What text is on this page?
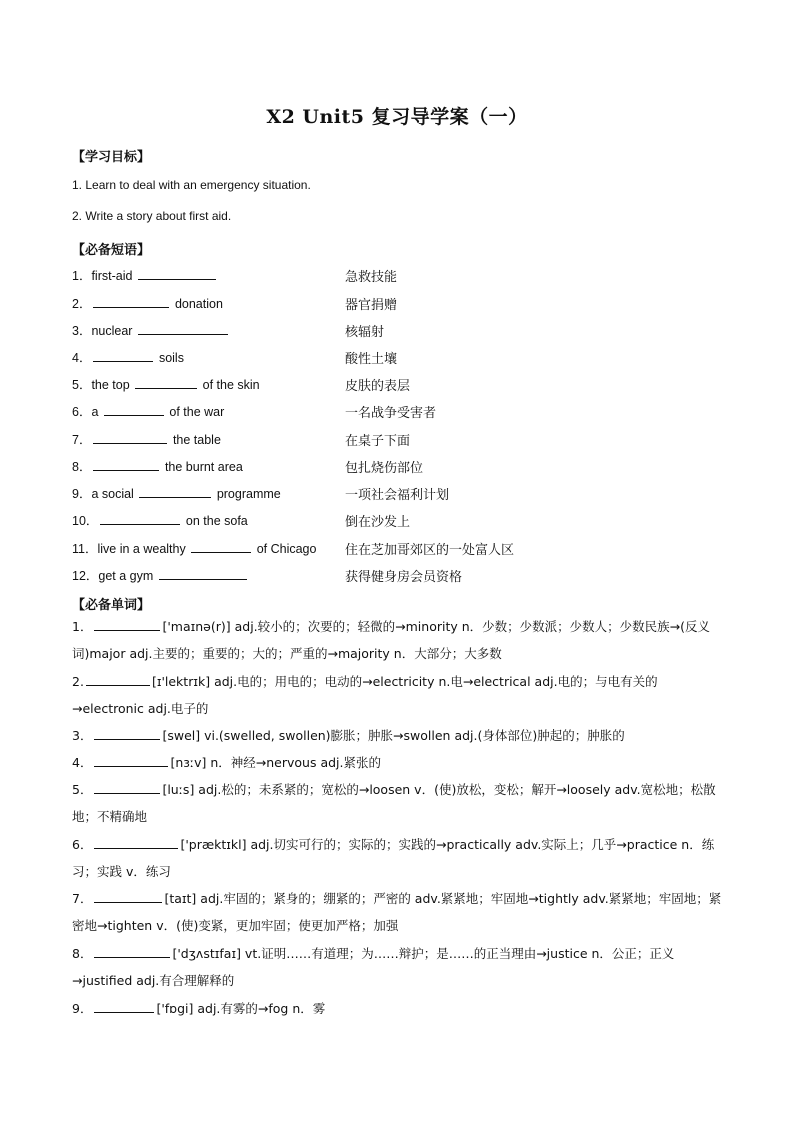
X2 Unit5 复习导学案（一）
【学习目标】
1. Learn to deal with an emergency situation.
2. Write a story about first aid.
【必备短语】
1．first-aid	急救技能
2．	donation	器官捐赠
3．nuclear	核辐射
4．	soils	酸性土壤
5．the top	of the skin	皮肤的表层
6．a	of the war	一名战争受害者
7．	the table	在桌子下面
8．	the burnt area	包扎烧伤部位
9．a social	programme	一项社会福利计划
10．	on the sofa	倒在沙发上
11．live in a wealthy	of Chicago 住在芝加哥郊区的一处富人区
12．get a gym	获得健身房会员资格
【必备单词】
1．	['maɪnə(r)] adj.较小的；次要的；轻微的→minority n．少数；少数派；少数人；少数民族→(反义词)major adj.主要的；重要的；大的；严重的→majority n．大部分；大多数
2.	[ɪ'lektrɪk] adj.电的；用电的；电动的→electricity n.电→electrical adj.电的；与电有关的→electronic adj.电子的
3．	[swel] vi.(swelled, swollen)膨胀；肿胀→swollen adj.(身体部位)肿起的；肿胀的
4．	[nɜːv] n．神经→nervous adj.紧张的
5．	[luːs] adj.松的；未系紧的；宽松的→loosen v．(使)放松，变松；解开→loosely adv.宽松地；松散地；不精确地
6．	['præktɪkl] adj.切实可行的；实际的；实践的→practically adv.实际上；几乎→practice n．练习；实践 v．练习
7．	[taɪt] adj.牢固的；紧身的；绷紧的；严密的 adv.紧紧地；牢固地→tightly adv.紧紧地；牢固地；紧密地→tighten v．(使)变紧，更加牢固；使更加严格；加强
8．	['dʒʌstɪfaɪ] vt.证明……有道理；为……辩护；是……的正当理由→justice n．公正；正义→justified adj.有合理解释的
9．	['fɒgi] adj.有雾的→fog n．雾
